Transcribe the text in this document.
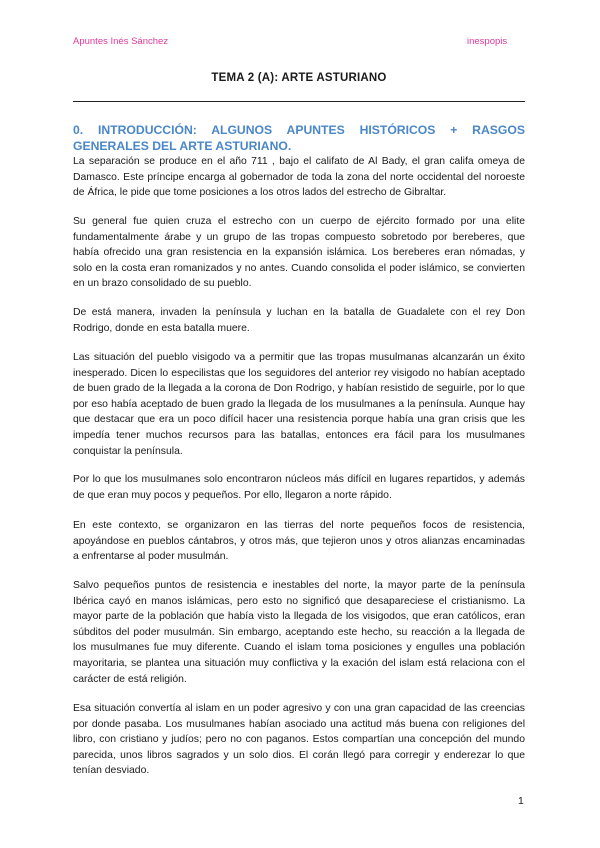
Apuntes Inés Sánchez	inespopis
TEMA 2 (A): ARTE ASTURIANO
0. INTRODUCCIÓN: ALGUNOS APUNTES HISTÓRICOS + RASGOS GENERALES DEL ARTE ASTURIANO.

La separación se produce en el año 711 , bajo el califato de Al Bady, el gran califa omeya de Damasco. Este príncipe encarga al gobernador de toda la zona del norte occidental del noroeste de África, le pide que tome posiciones a los otros lados del estrecho de Gibraltar.

Su general fue quien cruza el estrecho con un cuerpo de ejército formado por una elite fundamentalmente árabe y un grupo de las tropas compuesto sobretodo por bereberes, que había ofrecido una gran resistencia en la expansión islámica. Los bereberes eran nómadas, y solo en la costa eran romanizados y no antes. Cuando consolida el poder islámico, se convierten en un brazo consolidado de su pueblo.

De está manera, invaden la península y luchan en la batalla de Guadalete con el rey Don Rodrigo, donde en esta batalla muere.

Las situación del pueblo visigodo va a permitir que las tropas musulmanas alcanzarán un éxito inesperado. Dicen lo especilistas que los seguidores del anterior rey visigodo no habían aceptado de buen grado de la llegada a la corona de Don Rodrigo, y habían resistido de seguirle, por lo que por eso había aceptado de buen grado la llegada de los musulmanes a la península. Aunque hay que destacar que era un poco difícil hacer una resistencia porque había una gran crisis que les impedía tener muchos recursos para las batallas, entonces era fácil para los musulmanes conquistar la península.

Por lo que los musulmanes solo encontraron núcleos más difícil en lugares repartidos, y además de que eran muy pocos y pequeños. Por ello, llegaron a norte rápido.

En este contexto, se organizaron en las tierras del norte pequeños focos de resistencia, apoyándose en pueblos cántabros, y otros más, que tejieron unos y otros alianzas encaminadas a enfrentarse al poder musulmán.

Salvo pequeños puntos de resistencia e inestables del norte, la mayor parte de la península Ibérica cayó en manos islámicas, pero esto no significó que desapareciese el cristianismo. La mayor parte de la población que había visto la llegada de los visigodos, que eran católicos, eran súbditos del poder musulmán. Sin embargo, aceptando este hecho, su reacción a la llegada de los musulmanes fue muy diferente. Cuando el islam toma posiciones y engulles una población mayoritaria, se plantea una situación muy conflictiva y la exación del islam está relaciona con el carácter de está religión.

Esa situación convertía al islam en un poder agresivo y con una gran capacidad de las creencias por donde pasaba. Los musulmanes habían asociado una actitud más buena con religiones del libro, con cristiano y judíos; pero no con paganos. Estos compartían una concepción del mundo parecida, unos libros sagrados y un solo dios. El corán llegó para corregir y enderezar lo que tenían desviado.

1
